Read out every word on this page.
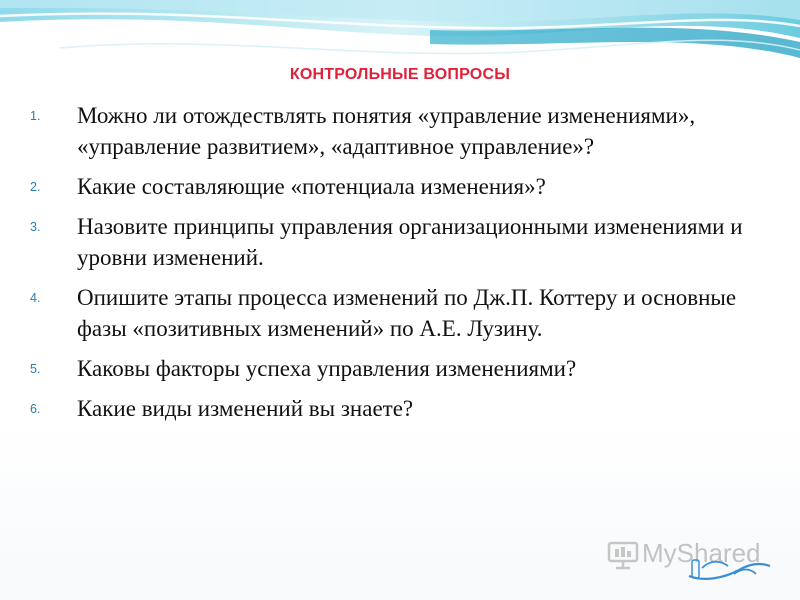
КОНТРОЛЬНЫЕ ВОПРОСЫ
1.	Можно ли отождествлять понятия «управление изменениями», «управление развитием», «адаптивное управление»?
2.	Какие составляющие «потенциала изменения»?
3.	Назовите принципы управления организационными изменениями и уровни изменений.
4.	Опишите этапы процесса изменений по Дж.П. Коттеру и основные фазы «позитивных изменений» по А.Е. Лузину.
5.	Каковы факторы успеха управления изменениями?
6.	Какие виды изменений вы знаете?
MyShared
